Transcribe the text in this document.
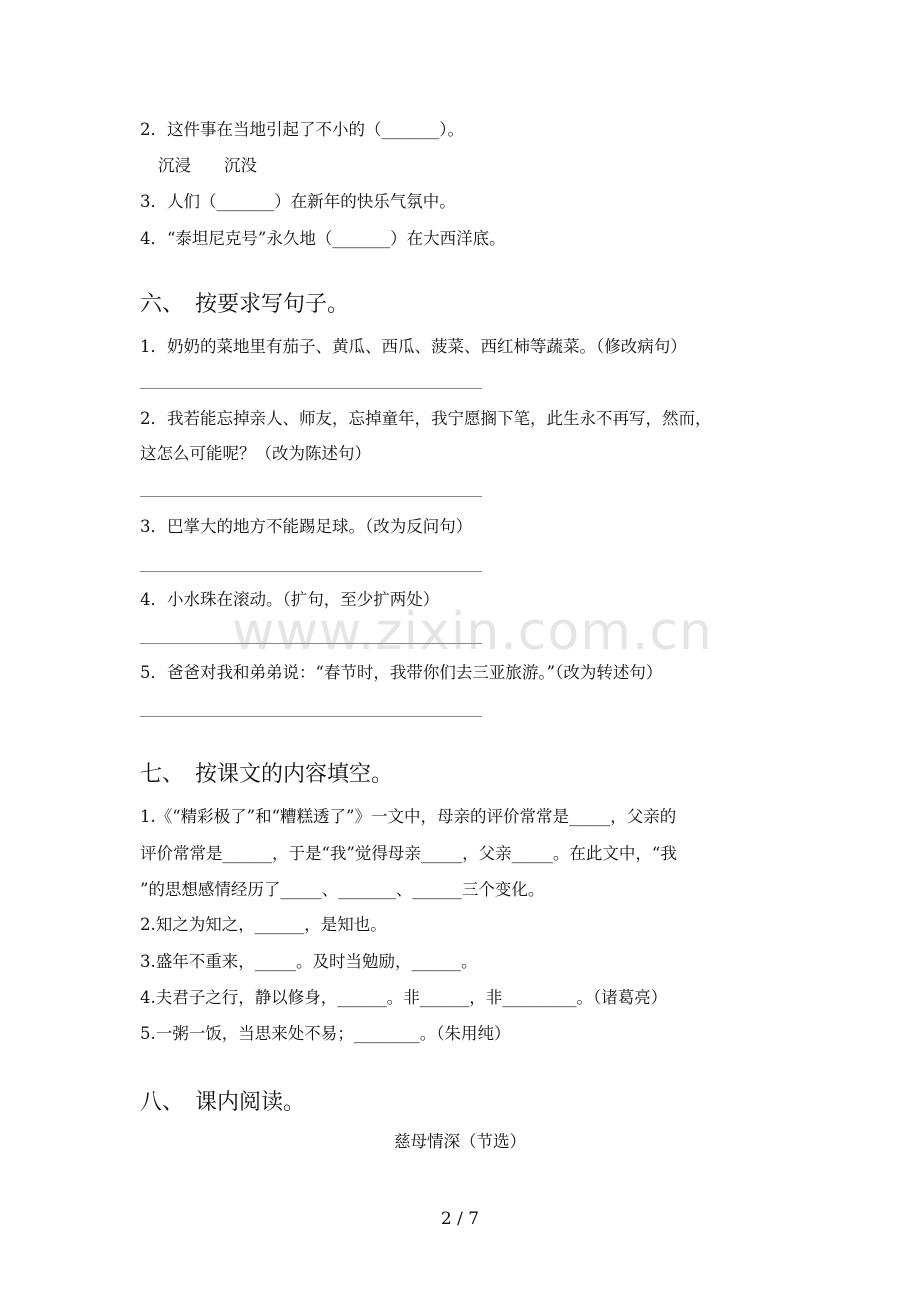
2．这件事在当地引起了不小的（_______）。
沉浸　　沉没
3．人们（_______）在新年的快乐气氛中。
4．“泰坦尼克号”永久地（_______）在大西洋底。
六、　按要求写句子。
1．奶奶的菜地里有茄子、黄瓜、西瓜、菠菜、西红柿等蔬菜。（修改病句）
2．我若能忘掉亲人、师友，忘掉童年，我宁愿搁下笔，此生永不再写，然而，
这怎么可能呢？（改为陈述句）
3．巴掌大的地方不能踢足球。（改为反问句）
4．小水珠在滚动。（扩句，至少扩两处）
5．爸爸对我和弟弟说：“春节时，我带你们去三亚旅游。”（改为转述句）
七、　按课文的内容填空。
1.《“精彩极了”和“糟糕透了”》一文中，母亲的评价常常是_____，父亲的
评价常常是______，于是“我”觉得母亲_____，父亲_____。在此文中，“我
”的思想感情经历了_____、_______、______三个变化。
2.知之为知之，______，是知也。
3.盛年不重来，_____。及时当勉励，______。
4.夫君子之行，静以修身，______。非______，非_________。（诸葛亮）
5.一粥一饭，当思来处不易；________。（朱用纯）
八、　课内阅读。
慈母情深（节选）
www.zixin.com.cn
2 / 7
